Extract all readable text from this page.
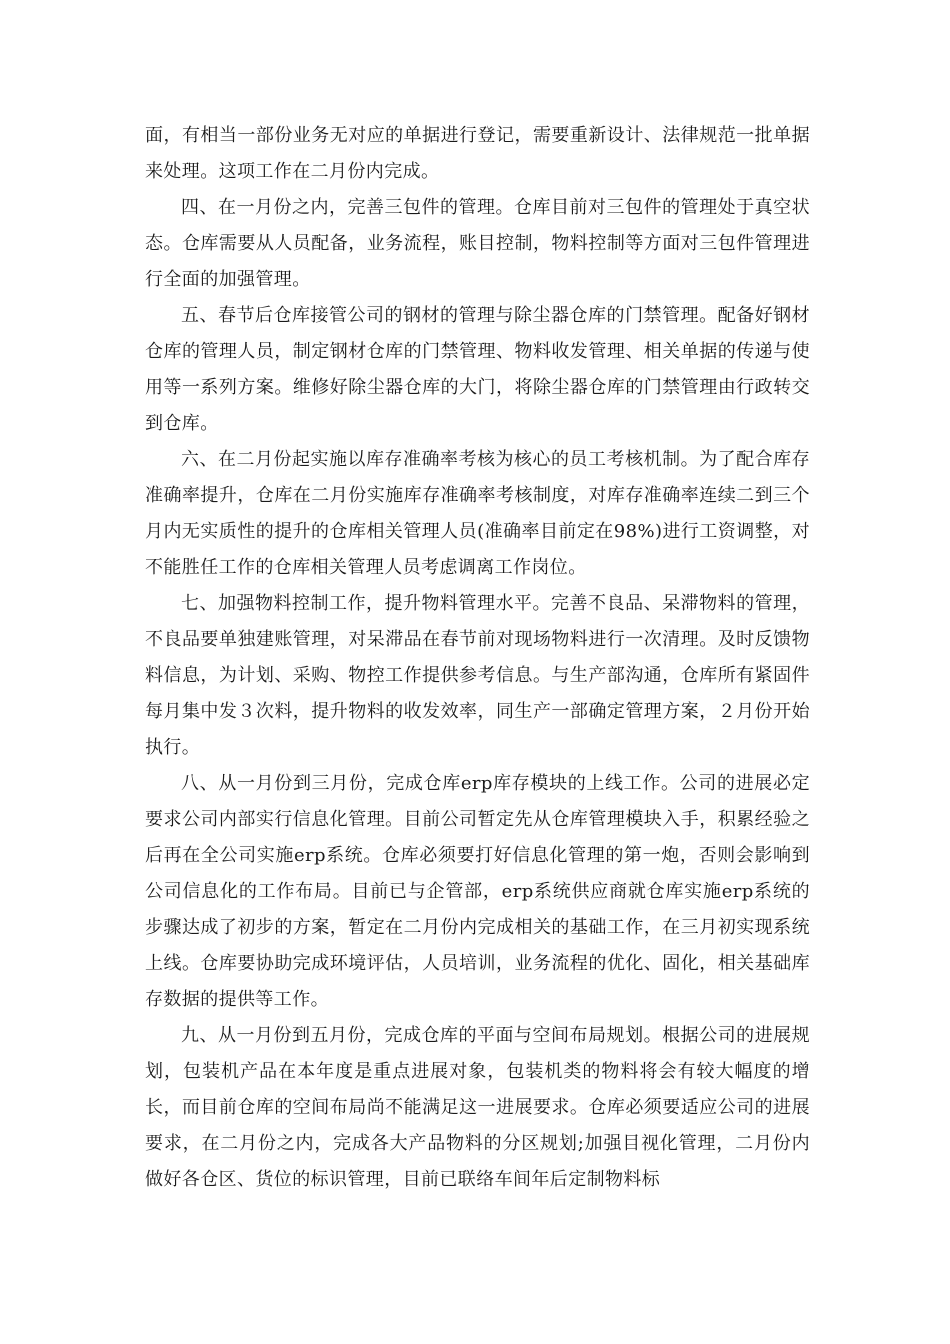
面，有相当一部份业务无对应的单据进行登记，需要重新设计、法律规范一批单据来处理。这项工作在二月份内完成。

四、在一月份之内，完善三包件的管理。仓库目前对三包件的管理处于真空状态。仓库需要从人员配备，业务流程，账目控制，物料控制等方面对三包件管理进行全面的加强管理。

五、春节后仓库接管公司的钢材的管理与除尘器仓库的门禁管理。配备好钢材仓库的管理人员，制定钢材仓库的门禁管理、物料收发管理、相关单据的传递与使用等一系列方案。维修好除尘器仓库的大门，将除尘器仓库的门禁管理由行政转交到仓库。

六、在二月份起实施以库存准确率考核为核心的员工考核机制。为了配合库存准确率提升，仓库在二月份实施库存准确率考核制度，对库存准确率连续二到三个月内无实质性的提升的仓库相关管理人员(准确率目前定在98%)进行工资调整，对不能胜任工作的仓库相关管理人员考虑调离工作岗位。

七、加强物料控制工作，提升物料管理水平。完善不良品、呆滞物料的管理，不良品要单独建账管理，对呆滞品在春节前对现场物料进行一次清理。及时反馈物料信息，为计划、采购、物控工作提供参考信息。与生产部沟通，仓库所有紧固件每月集中发３次料，提升物料的收发效率，同生产一部确定管理方案，２月份开始执行。

八、从一月份到三月份，完成仓库erp库存模块的上线工作。公司的进展必定要求公司内部实行信息化管理。目前公司暂定先从仓库管理模块入手，积累经验之后再在全公司实施erp系统。仓库必须要打好信息化管理的第一炮，否则会影响到公司信息化的工作布局。目前已与企管部，erp系统供应商就仓库实施erp系统的步骤达成了初步的方案，暂定在二月份内完成相关的基础工作，在三月初实现系统上线。仓库要协助完成环境评估，人员培训，业务流程的优化、固化，相关基础库存数据的提供等工作。

九、从一月份到五月份，完成仓库的平面与空间布局规划。根据公司的进展规划，包装机产品在本年度是重点进展对象，包装机类的物料将会有较大幅度的增长，而目前仓库的空间布局尚不能满足这一进展要求。仓库必须要适应公司的进展要求，在二月份之内，完成各大产品物料的分区规划;加强目视化管理，二月份内做好各仓区、货位的标识管理，目前已联络车间年后定制物料标
